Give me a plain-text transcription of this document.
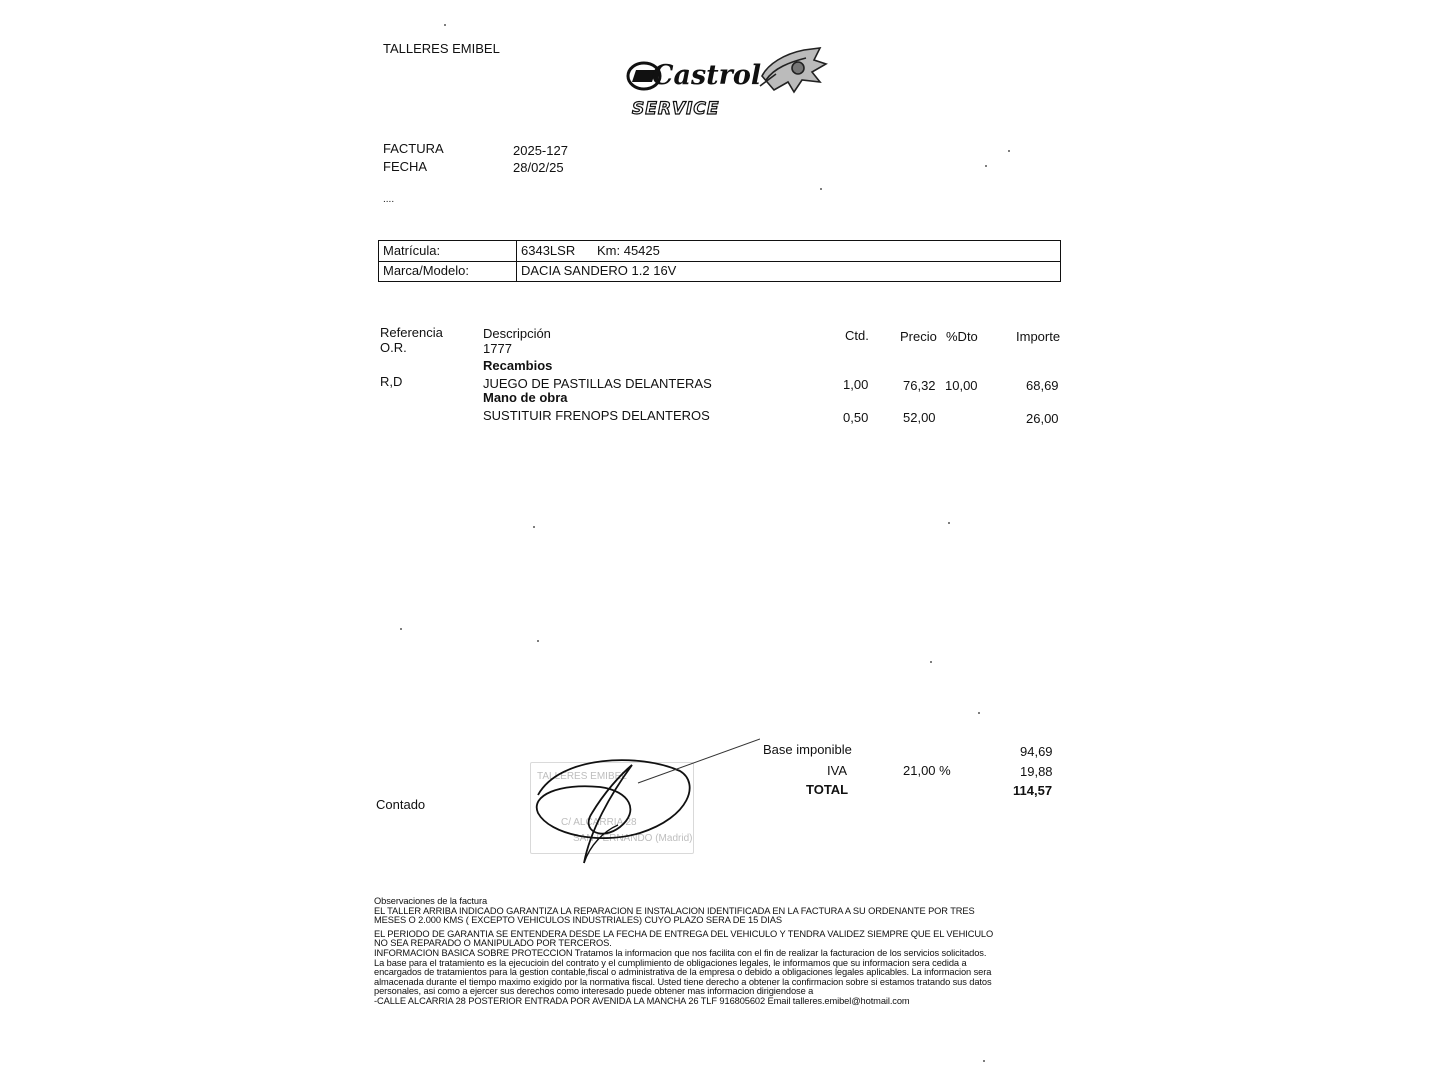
TALLERES EMIBEL
Castrol
SERVICE
FACTURA	2025-127
FECHA	28/02/25
....
Matrícula:	6343LSR Km: 45425
Marca/Modelo:	DACIA SANDERO 1.2 16V
Referencia	Descripción	Ctd. Precio %Dto	Importe
O.R.	1777
Recambios
R,D	JUEGO DE PASTILLAS DELANTERAS	1,00	76,32 10,00	68,69
Mano de obra
SUSTITUIR FRENOPS DELANTEROS	0,50	52,00	26,00
Base imponible	94,69
IVA	21,00 %	19,88
TOTAL	114,57
Contado
TALLERES EMIBEL
C/ ALCARRIA 28
SAN FERNANDO (Madrid)
Observaciones de la factura
EL TALLER ARRIBA INDICADO GARANTIZA LA REPARACION E INSTALACION IDENTIFICADA EN LA FACTURA A SU ORDENANTE POR TRES
MESES O 2.000 KMS ( EXCEPTO VEHICULOS INDUSTRIALES) CUYO PLAZO SERA DE 15 DIAS
EL PERIODO DE GARANTIA SE ENTENDERA DESDE LA FECHA DE ENTREGA DEL VEHICULO Y TENDRA VALIDEZ SIEMPRE QUE EL VEHICULO
NO SEA REPARADO O MANIPULADO POR TERCEROS.
INFORMACION BASICA SOBRE PROTECCION Tratamos la informacion que nos facilita con el fin de realizar la facturacion de los servicios solicitados.
La base para el tratamiento es la ejecucioin del contrato y el cumplimiento de obligaciones legales, le informamos que su informacion sera cedida a
encargados de tratamientos para la gestion contable,fiscal o administrativa de la empresa o debido a obligaciones legales aplicables. La informacion sera
almacenada durante el tiempo maximo exigido por la normativa fiscal. Usted tiene derecho a obtener la confirmacion sobre si estamos tratando sus datos
personales, asi como a ejercer sus derechos como interesado puede obtener mas informacion dirigiendose a
-CALLE ALCARRIA 28 POSTERIOR ENTRADA POR AVENIDA LA MANCHA 26 TLF 916805602 Email talleres.emibel@hotmail.com
